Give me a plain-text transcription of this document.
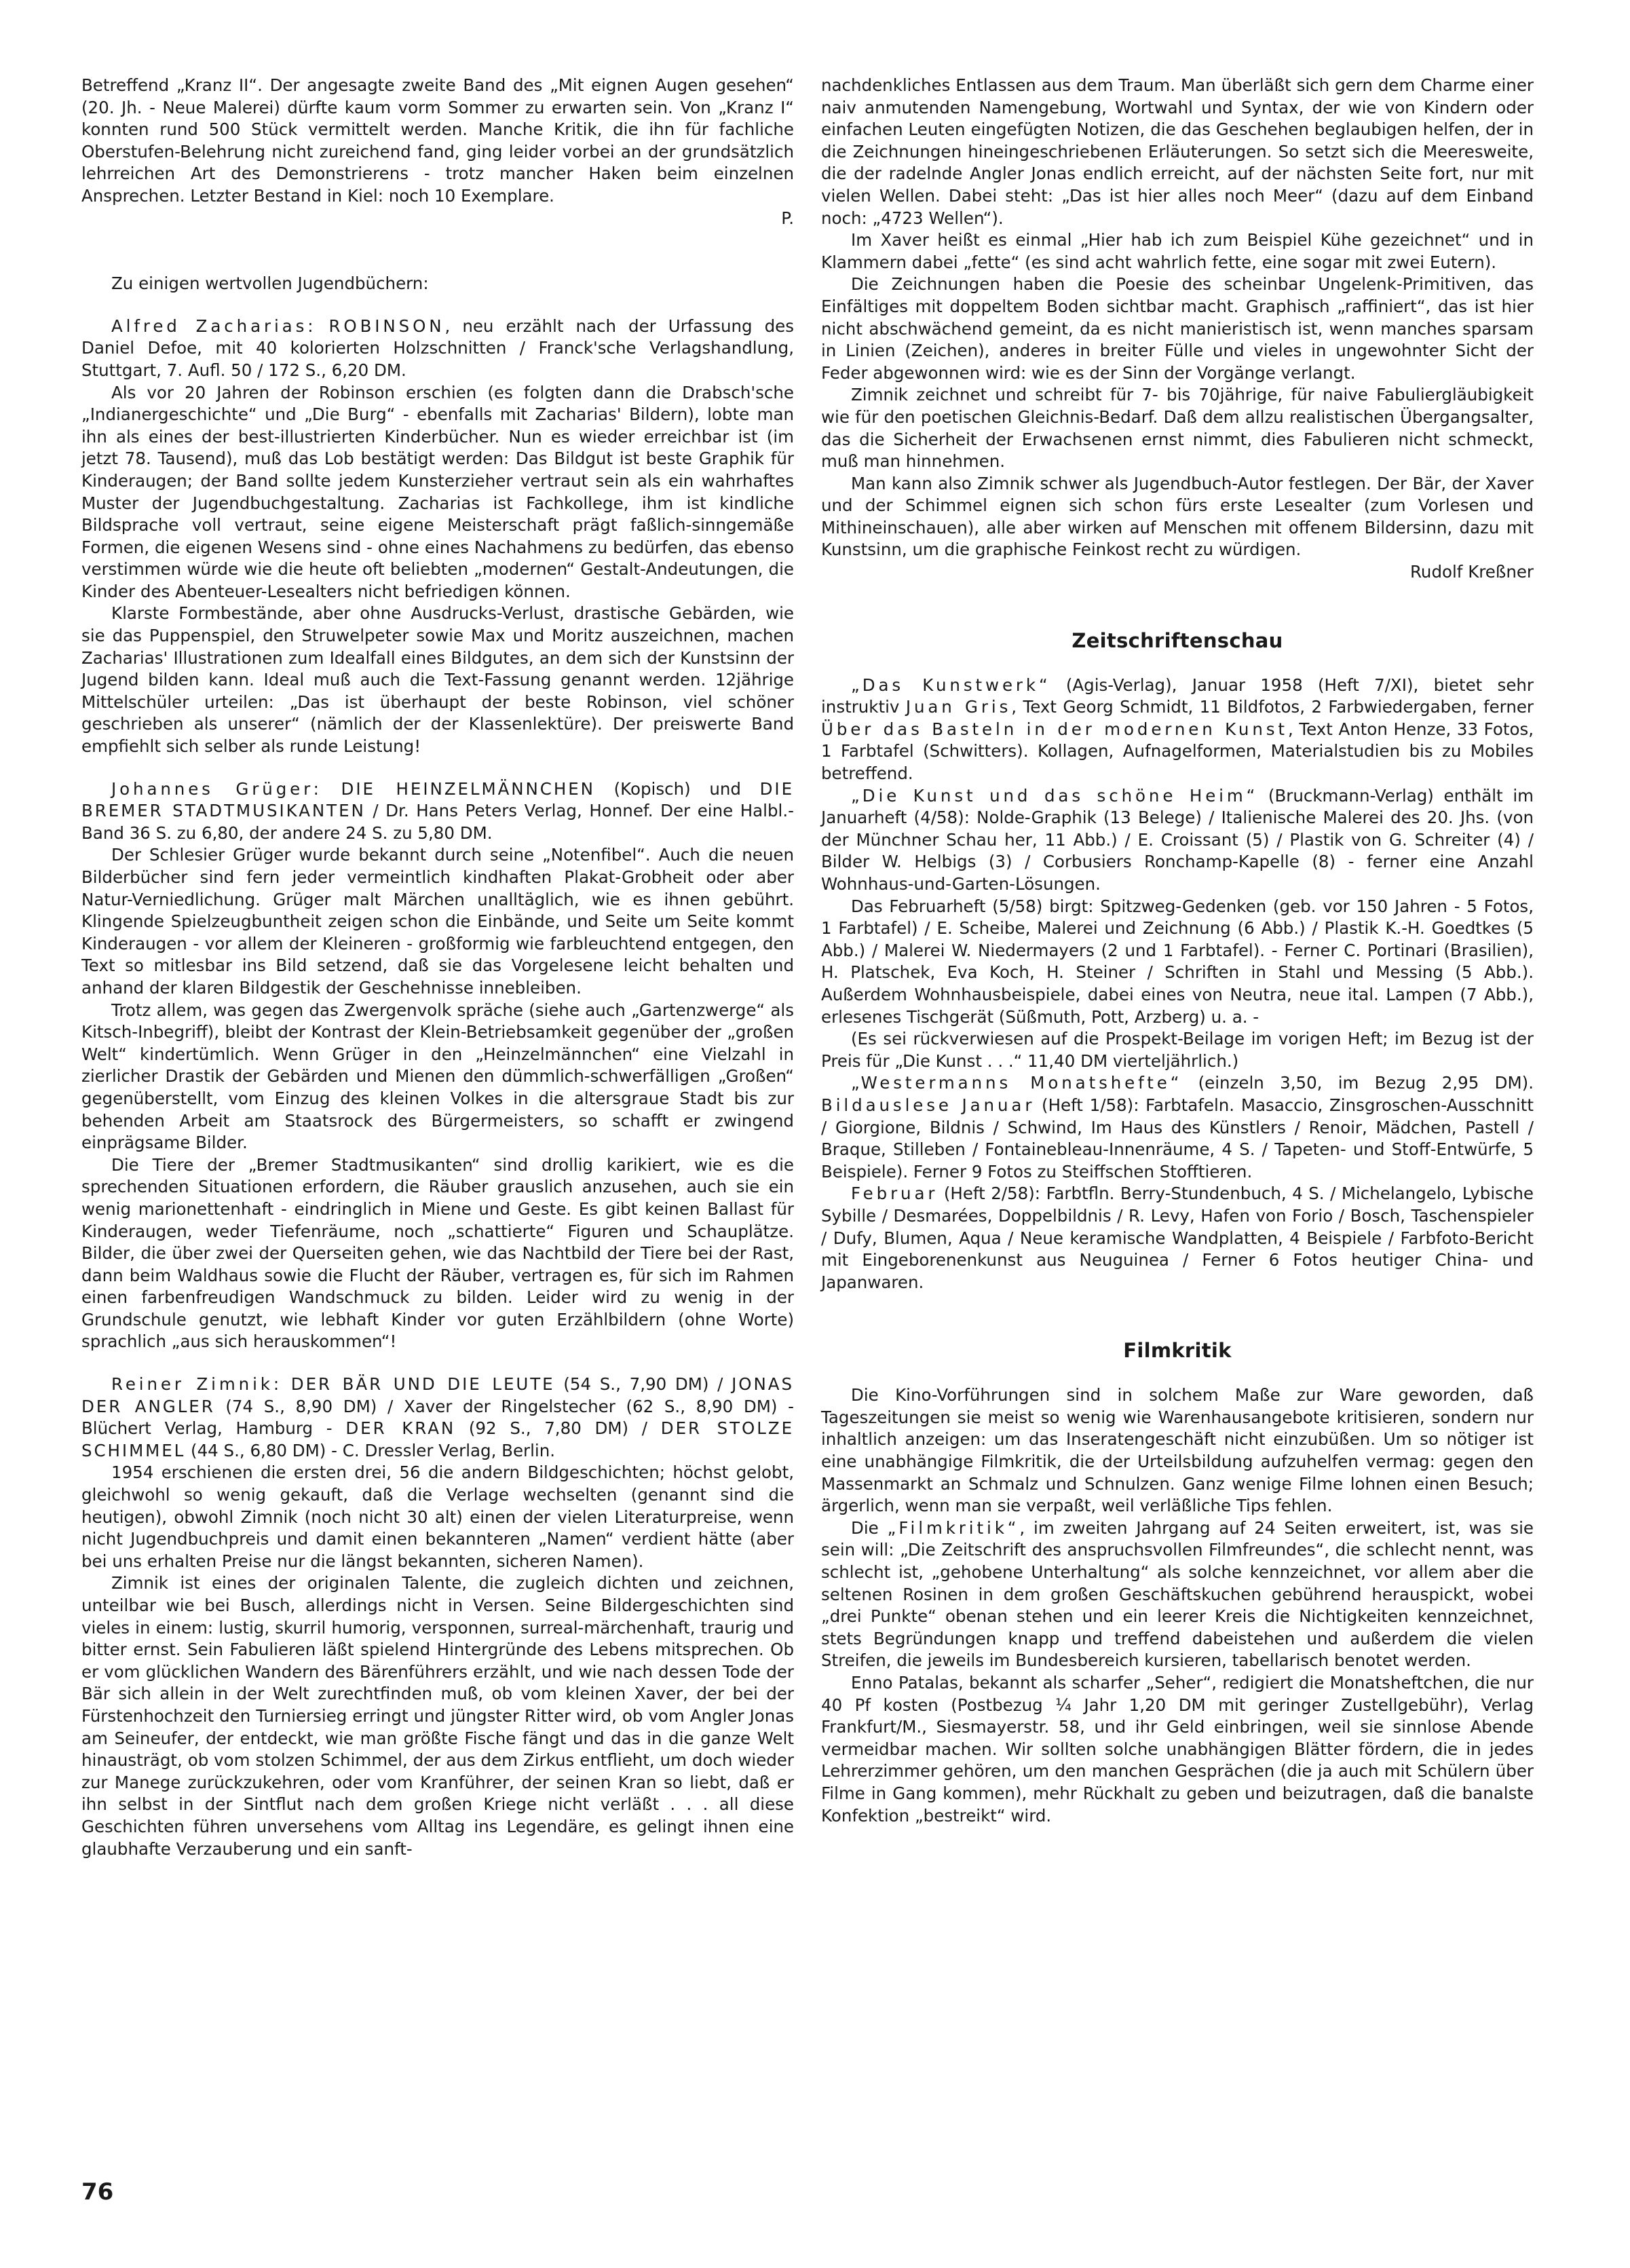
Betreffend „Kranz II“. Der angesagte zweite Band des „Mit eignen Augen gesehen“ (20. Jh. - Neue Malerei) dürfte kaum vorm Sommer zu erwarten sein. Von „Kranz I“ konnten rund 500 Stück vermittelt werden. Manche Kritik, die ihn für fachliche Oberstufen-Belehrung nicht zureichend fand, ging leider vorbei an der grundsätzlich lehrreichen Art des Demonstrierens - trotz mancher Haken beim einzelnen Ansprechen. Letzter Bestand in Kiel: noch 10 Exemplare.
P.

Zu einigen wertvollen Jugendbüchern:

Alfred Zacharias: ROBINSON, neu erzählt nach der Urfassung des Daniel Defoe, mit 40 kolorierten Holzschnitten / Franck'sche Verlagshandlung, Stuttgart, 7. Aufl. 50 / 172 S., 6,20 DM.

Als vor 20 Jahren der Robinson erschien (es folgten dann die Drabsch'sche „Indianergeschichte“ und „Die Burg“ - ebenfalls mit Zacharias' Bildern), lobte man ihn als eines der best-illustrierten Kinderbücher. Nun es wieder erreichbar ist (im jetzt 78. Tausend), muß das Lob bestätigt werden: Das Bildgut ist beste Graphik für Kinderaugen; der Band sollte jedem Kunsterzieher vertraut sein als ein wahrhaftes Muster der Jugendbuchgestaltung. Zacharias ist Fachkollege, ihm ist kindliche Bildsprache voll vertraut, seine eigene Meisterschaft prägt faßlich-sinngemäße Formen, die eigenen Wesens sind - ohne eines Nachahmens zu bedürfen, das ebenso verstimmen würde wie die heute oft beliebten „modernen“ Gestalt-Andeutungen, die Kinder des Abenteuer-Lesealters nicht befriedigen können.

Klarste Formbestände, aber ohne Ausdrucks-Verlust, drastische Gebärden, wie sie das Puppenspiel, den Struwelpeter sowie Max und Moritz auszeichnen, machen Zacharias' Illustrationen zum Idealfall eines Bildgutes, an dem sich der Kunstsinn der Jugend bilden kann. Ideal muß auch die Text-Fassung genannt werden. 12jährige Mittelschüler urteilen: „Das ist überhaupt der beste Robinson, viel schöner geschrieben als unserer“ (nämlich der der Klassenlektüre). Der preiswerte Band empfiehlt sich selber als runde Leistung!

Johannes Grüger: DIE HEINZELMÄNNCHEN (Kopisch) und DIE BREMER STADTMUSIKANTEN / Dr. Hans Peters Verlag, Honnef. Der eine Halbl.-Band 36 S. zu 6,80, der andere 24 S. zu 5,80 DM.

Der Schlesier Grüger wurde bekannt durch seine „Notenfibel“. Auch die neuen Bilderbücher sind fern jeder vermeintlich kindhaften Plakat-Grobheit oder aber Natur-Verniedlichung. Grüger malt Märchen unalltäglich, wie es ihnen gebührt. Klingende Spielzeugbuntheit zeigen schon die Einbände, und Seite um Seite kommt Kinderaugen - vor allem der Kleineren - großformig wie farbleuchtend entgegen, den Text so mitlesbar ins Bild setzend, daß sie das Vorgelesene leicht behalten und anhand der klaren Bildgestik der Geschehnisse innebleiben.

Trotz allem, was gegen das Zwergenvolk spräche (siehe auch „Gartenzwerge“ als Kitsch-Inbegriff), bleibt der Kontrast der Klein-Betriebsamkeit gegenüber der „großen Welt“ kindertümlich. Wenn Grüger in den „Heinzelmännchen“ eine Vielzahl in zierlicher Drastik der Gebärden und Mienen den dümmlich-schwerfälligen „Großen“ gegenüberstellt, vom Einzug des kleinen Volkes in die altersgraue Stadt bis zur behenden Arbeit am Staatsrock des Bürgermeisters, so schafft er zwingend einprägsame Bilder.

Die Tiere der „Bremer Stadtmusikanten“ sind drollig karikiert, wie es die sprechenden Situationen erfordern, die Räuber grauslich anzusehen, auch sie ein wenig marionettenhaft - eindringlich in Miene und Geste. Es gibt keinen Ballast für Kinderaugen, weder Tiefenräume, noch „schattierte“ Figuren und Schauplätze. Bilder, die über zwei der Querseiten gehen, wie das Nachtbild der Tiere bei der Rast, dann beim Waldhaus sowie die Flucht der Räuber, vertragen es, für sich im Rahmen einen farbenfreudigen Wandschmuck zu bilden. Leider wird zu wenig in der Grundschule genutzt, wie lebhaft Kinder vor guten Erzählbildern (ohne Worte) sprachlich „aus sich herauskommen“!

Reiner Zimnik: DER BÄR UND DIE LEUTE (54 S., 7,90 DM) / JONAS DER ANGLER (74 S., 8,90 DM) / Xaver der Ringelstecher (62 S., 8,90 DM) - Blüchert Verlag, Hamburg - DER KRAN (92 S., 7,80 DM) / DER STOLZE SCHIMMEL (44 S., 6,80 DM) - C. Dressler Verlag, Berlin.

1954 erschienen die ersten drei, 56 die andern Bildgeschichten; höchst gelobt, gleichwohl so wenig gekauft, daß die Verlage wechselten (genannt sind die heutigen), obwohl Zimnik (noch nicht 30 alt) einen der vielen Literaturpreise, wenn nicht Jugendbuchpreis und damit einen bekannteren „Namen“ verdient hätte (aber bei uns erhalten Preise nur die längst bekannten, sicheren Namen).

Zimnik ist eines der originalen Talente, die zugleich dichten und zeichnen, unteilbar wie bei Busch, allerdings nicht in Versen. Seine Bildergeschichten sind vieles in einem: lustig, skurril humorig, versponnen, surreal-märchenhaft, traurig und bitter ernst. Sein Fabulieren läßt spielend Hintergründe des Lebens mitsprechen. Ob er vom glücklichen Wandern des Bärenführers erzählt, und wie nach dessen Tode der Bär sich allein in der Welt zurechtfinden muß, ob vom kleinen Xaver, der bei der Fürstenhochzeit den Turniersieg erringt und jüngster Ritter wird, ob vom Angler Jonas am Seineufer, der entdeckt, wie man größte Fische fängt und das in die ganze Welt hinausträgt, ob vom stolzen Schimmel, der aus dem Zirkus entflieht, um doch wieder zur Manege zurückzukehren, oder vom Kranführer, der seinen Kran so liebt, daß er ihn selbst in der Sintflut nach dem großen Kriege nicht verläßt . . . all diese Geschichten führen unversehens vom Alltag ins Legendäre, es gelingt ihnen eine glaubhafte Verzauberung und ein sanft-

nachdenkliches Entlassen aus dem Traum. Man überläßt sich gern dem Charme einer naiv anmutenden Namengebung, Wortwahl und Syntax, der wie von Kindern oder einfachen Leuten eingefügten Notizen, die das Geschehen beglaubigen helfen, der in die Zeichnungen hineingeschriebenen Erläuterungen. So setzt sich die Meeresweite, die der radelnde Angler Jonas endlich erreicht, auf der nächsten Seite fort, nur mit vielen Wellen. Dabei steht: „Das ist hier alles noch Meer“ (dazu auf dem Einband noch: „4723 Wellen“).

Im Xaver heißt es einmal „Hier hab ich zum Beispiel Kühe gezeichnet“ und in Klammern dabei „fette“ (es sind acht wahrlich fette, eine sogar mit zwei Eutern).

Die Zeichnungen haben die Poesie des scheinbar Ungelenk-Primitiven, das Einfältiges mit doppeltem Boden sichtbar macht. Graphisch „raffiniert“, das ist hier nicht abschwächend gemeint, da es nicht manieristisch ist, wenn manches sparsam in Linien (Zeichen), anderes in breiter Fülle und vieles in ungewohnter Sicht der Feder abgewonnen wird: wie es der Sinn der Vorgänge verlangt.

Zimnik zeichnet und schreibt für 7- bis 70jährige, für naive Fabuliergläubigkeit wie für den poetischen Gleichnis-Bedarf. Daß dem allzu realistischen Übergangsalter, das die Sicherheit der Erwachsenen ernst nimmt, dies Fabulieren nicht schmeckt, muß man hinnehmen.

Man kann also Zimnik schwer als Jugendbuch-Autor festlegen. Der Bär, der Xaver und der Schimmel eignen sich schon fürs erste Lesealter (zum Vorlesen und Mithineinschauen), alle aber wirken auf Menschen mit offenem Bildersinn, dazu mit Kunstsinn, um die graphische Feinkost recht zu würdigen.
Rudolf Kreßner

Zeitschriftenschau

„Das Kunstwerk“ (Agis-Verlag), Januar 1958 (Heft 7/XI), bietet sehr instruktiv Juan Gris, Text Georg Schmidt, 11 Bildfotos, 2 Farbwiedergaben, ferner Über das Basteln in der modernen Kunst, Text Anton Henze, 33 Fotos, 1 Farbtafel (Schwitters). Kollagen, Aufnagelformen, Materialstudien bis zu Mobiles betreffend.

„Die Kunst und das schöne Heim“ (Bruckmann-Verlag) enthält im Januarheft (4/58): Nolde-Graphik (13 Belege) / Italienische Malerei des 20. Jhs. (von der Münchner Schau her, 11 Abb.) / E. Croissant (5) / Plastik von G. Schreiter (4) / Bilder W. Helbigs (3) / Corbusiers Ronchamp-Kapelle (8) - ferner eine Anzahl Wohnhaus-und-Garten-Lösungen.

Das Februarheft (5/58) birgt: Spitzweg-Gedenken (geb. vor 150 Jahren - 5 Fotos, 1 Farbtafel) / E. Scheibe, Malerei und Zeichnung (6 Abb.) / Plastik K.-H. Goedtkes (5 Abb.) / Malerei W. Niedermayers (2 und 1 Farbtafel). - Ferner C. Portinari (Brasilien), H. Platschek, Eva Koch, H. Steiner / Schriften in Stahl und Messing (5 Abb.). Außerdem Wohnhausbeispiele, dabei eines von Neutra, neue ital. Lampen (7 Abb.), erlesenes Tischgerät (Süßmuth, Pott, Arzberg) u. a. -

(Es sei rückverwiesen auf die Prospekt-Beilage im vorigen Heft; im Bezug ist der Preis für „Die Kunst . . .“ 11,40 DM vierteljährlich.)

„Westermanns Monatshefte“ (einzeln 3,50, im Bezug 2,95 DM). Bildauslese Januar (Heft 1/58): Farbtafeln. Masaccio, Zinsgroschen-Ausschnitt / Giorgione, Bildnis / Schwind, Im Haus des Künstlers / Renoir, Mädchen, Pastell / Braque, Stilleben / Fontainebleau-Innenräume, 4 S. / Tapeten- und Stoff-Entwürfe, 5 Beispiele). Ferner 9 Fotos zu Steiffschen Stofftieren.

Februar (Heft 2/58): Farbtfln. Berry-Stundenbuch, 4 S. / Michelangelo, Lybische Sybille / Desmarées, Doppelbildnis / R. Levy, Hafen von Forio / Bosch, Taschenspieler / Dufy, Blumen, Aqua / Neue keramische Wandplatten, 4 Beispiele / Farbfoto-Bericht mit Eingeborenenkunst aus Neuguinea / Ferner 6 Fotos heutiger China- und Japanwaren.

Filmkritik

Die Kino-Vorführungen sind in solchem Maße zur Ware geworden, daß Tageszeitungen sie meist so wenig wie Warenhausangebote kritisieren, sondern nur inhaltlich anzeigen: um das Inseratengeschäft nicht einzubüßen. Um so nötiger ist eine unabhängige Filmkritik, die der Urteilsbildung aufzuhelfen vermag: gegen den Massenmarkt an Schmalz und Schnulzen. Ganz wenige Filme lohnen einen Besuch; ärgerlich, wenn man sie verpaßt, weil verläßliche Tips fehlen.

Die „Filmkritik“, im zweiten Jahrgang auf 24 Seiten erweitert, ist, was sie sein will: „Die Zeitschrift des anspruchsvollen Filmfreundes“, die schlecht nennt, was schlecht ist, „gehobene Unterhaltung“ als solche kennzeichnet, vor allem aber die seltenen Rosinen in dem großen Geschäftskuchen gebührend herauspickt, wobei „drei Punkte“ obenan stehen und ein leerer Kreis die Nichtigkeiten kennzeichnet, stets Begründungen knapp und treffend dabeistehen und außerdem die vielen Streifen, die jeweils im Bundesbereich kursieren, tabellarisch benotet werden.

Enno Patalas, bekannt als scharfer „Seher“, redigiert die Monatsheftchen, die nur 40 Pf kosten (Postbezug ¼ Jahr 1,20 DM mit geringer Zustellgebühr), Verlag Frankfurt/M., Siesmayerstr. 58, und ihr Geld einbringen, weil sie sinnlose Abende vermeidbar machen. Wir sollten solche unabhängigen Blätter fördern, die in jedes Lehrerzimmer gehören, um den manchen Gesprächen (die ja auch mit Schülern über Filme in Gang kommen), mehr Rückhalt zu geben und beizutragen, daß die banalste Konfektion „bestreikt“ wird.

76
